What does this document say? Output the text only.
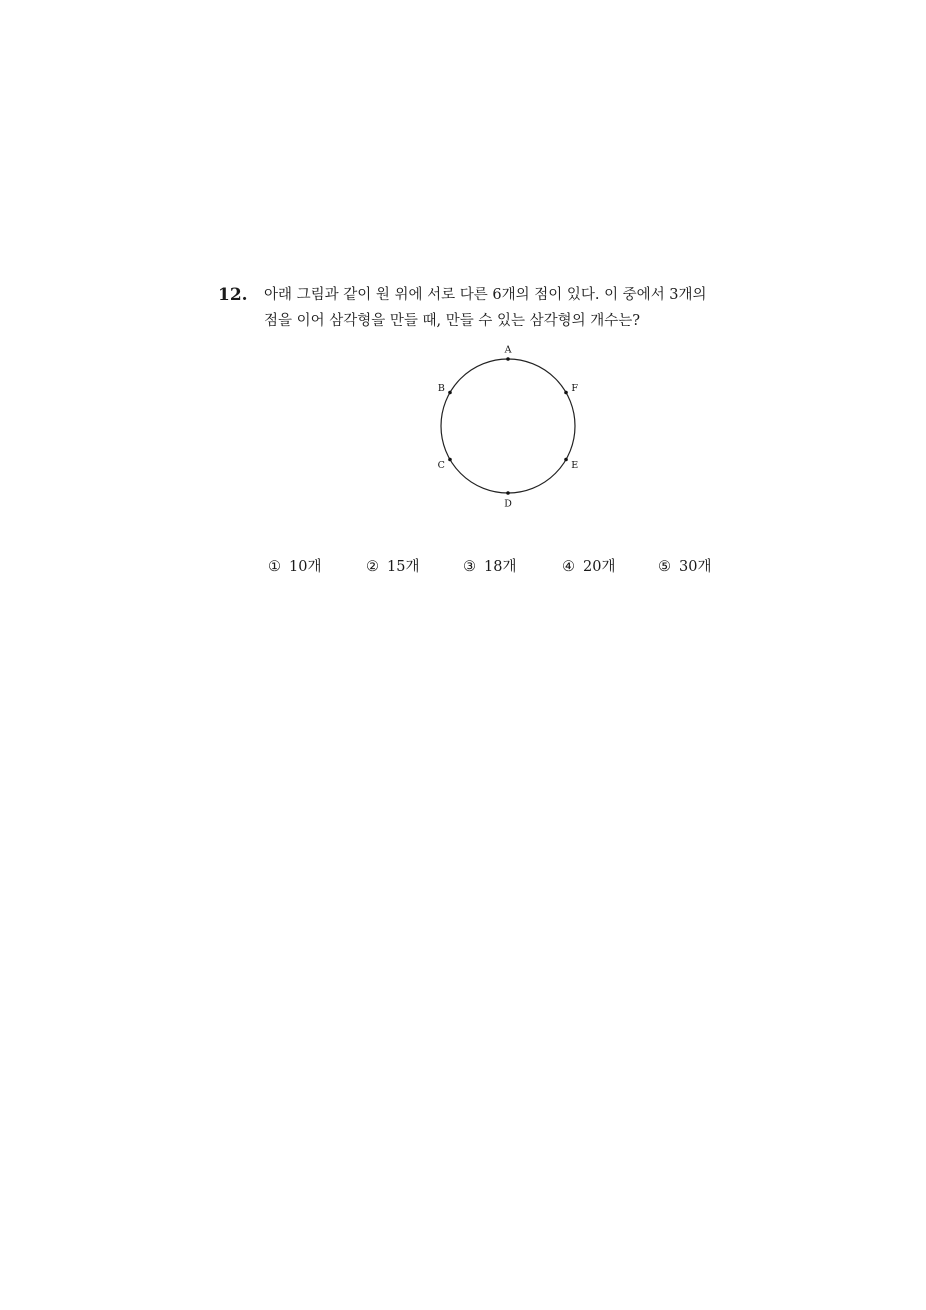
12. 아래 그림과 같이 원 위에 서로 다른 6개의 점이 있다. 이 중에서 3개의
점을 이어 삼각형을 만들 때, 만들 수 있는 삼각형의 개수는?
A
B
C
D
E
F
① 10개	② 15개	③ 18개	④ 20개	⑤ 30개
